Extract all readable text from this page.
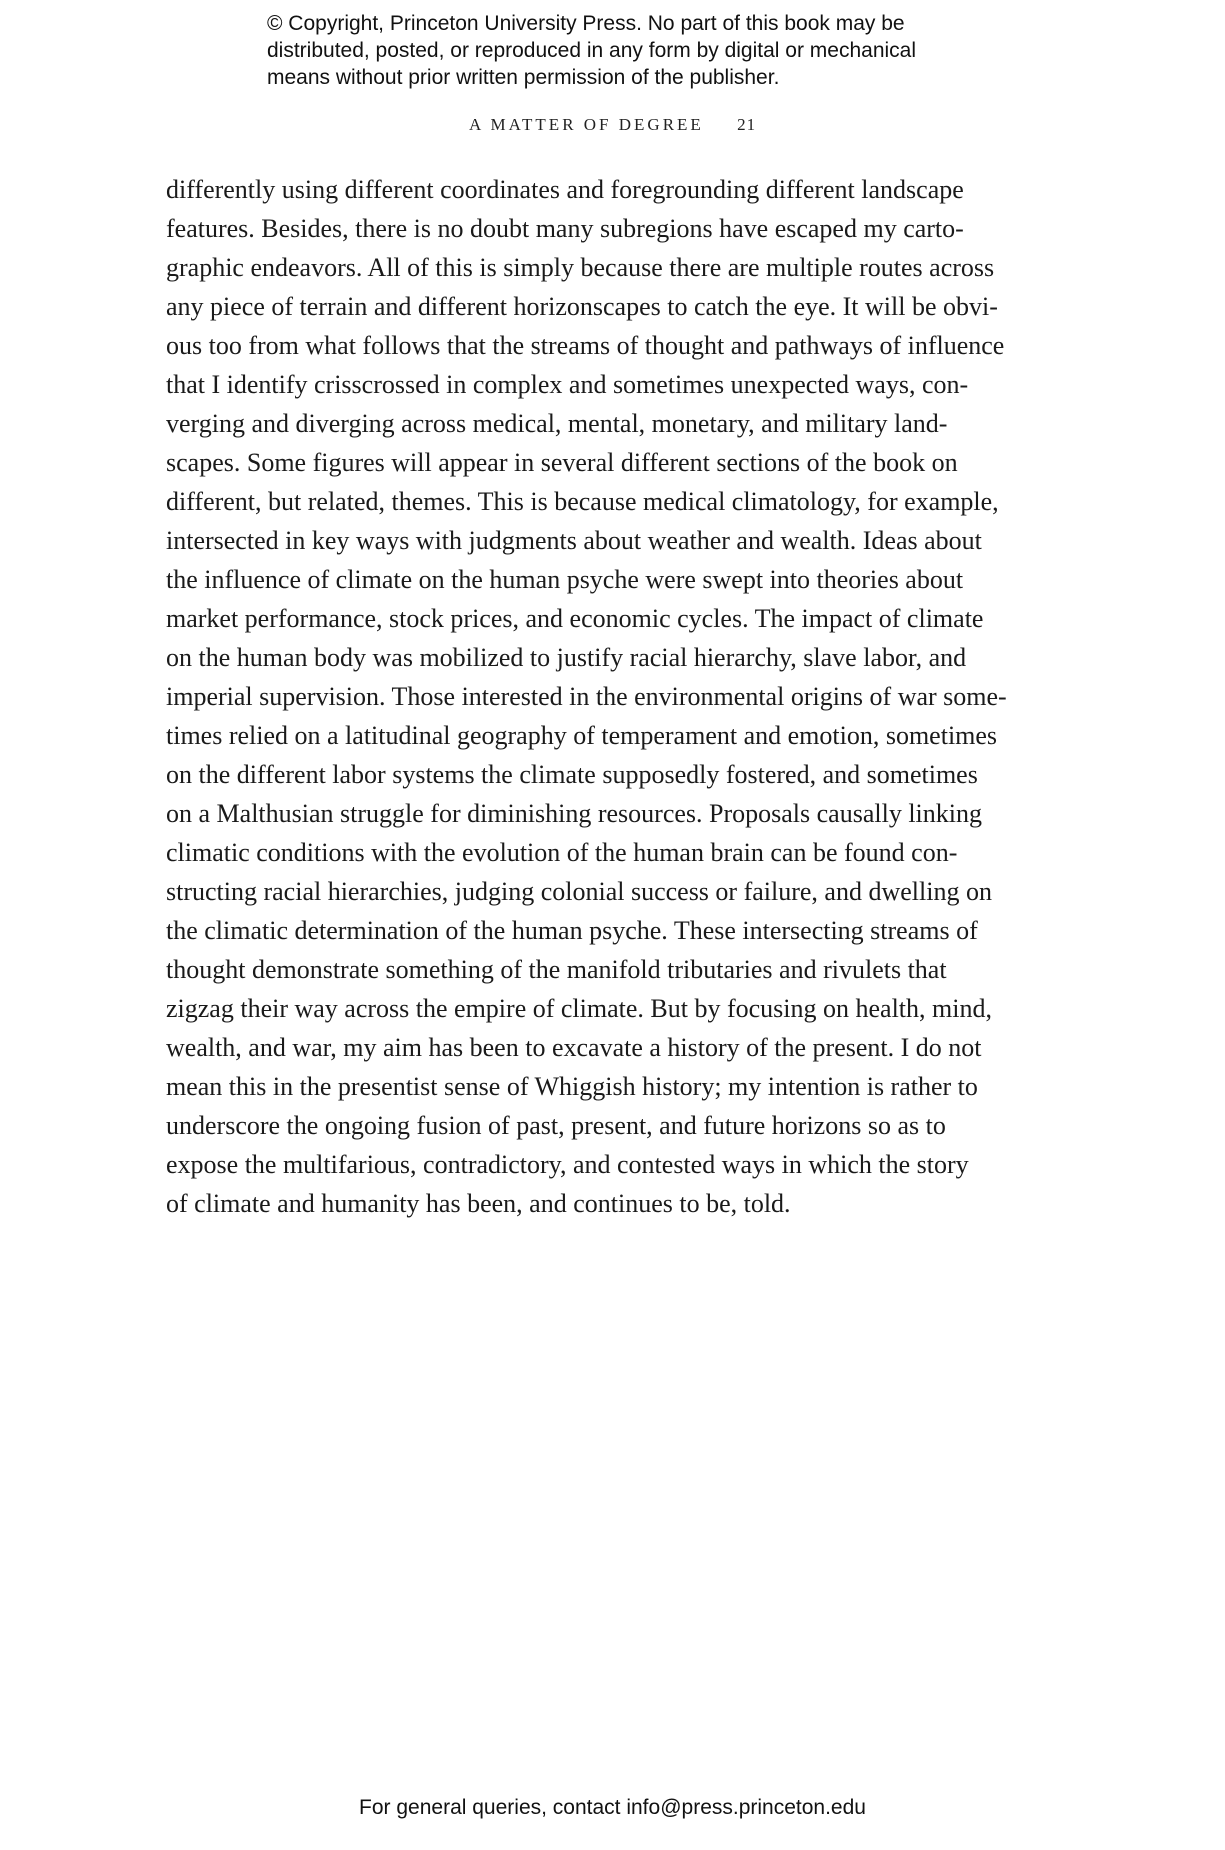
© Copyright, Princeton University Press. No part of this book may be
distributed, posted, or reproduced in any form by digital or mechanical
means without prior written permission of the publisher.
A MATTER OF DEGREE 21
differently using different coordinates and foregrounding different landscape
features. Besides, there is no doubt many subregions have escaped my carto-
graphic endeavors. All of this is simply because there are multiple routes across
any piece of terrain and different horizonscapes to catch the eye. It will be obvi-
ous too from what follows that the streams of thought and pathways of influence
that I identify crisscrossed in complex and sometimes unexpected ways, con-
verging and diverging across medical, mental, monetary, and military land-
scapes. Some figures will appear in several different sections of the book on
different, but related, themes. This is because medical climatology, for example,
intersected in key ways with judgments about weather and wealth. Ideas about
the influence of climate on the human psyche were swept into theories about
market performance, stock prices, and economic cycles. The impact of climate
on the human body was mobilized to justify racial hierarchy, slave labor, and
imperial supervision. Those interested in the environmental origins of war some-
times relied on a latitudinal geography of temperament and emotion, sometimes
on the different labor systems the climate supposedly fostered, and sometimes
on a Malthusian struggle for diminishing resources. Proposals causally linking
climatic conditions with the evolution of the human brain can be found con-
structing racial hierarchies, judging colonial success or failure, and dwelling on
the climatic determination of the human psyche. These intersecting streams of
thought demonstrate something of the manifold tributaries and rivulets that
zigzag their way across the empire of climate. But by focusing on health, mind,
wealth, and war, my aim has been to excavate a history of the present. I do not
mean this in the presentist sense of Whiggish history; my intention is rather to
underscore the ongoing fusion of past, present, and future horizons so as to
expose the multifarious, contradictory, and contested ways in which the story
of climate and humanity has been, and continues to be, told.
For general queries, contact info@press.princeton.edu
